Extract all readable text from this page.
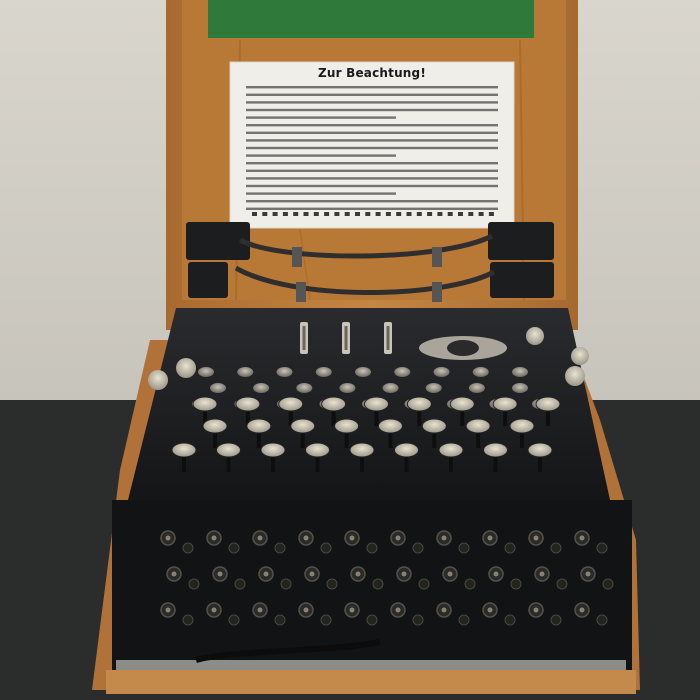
Zur Beachtung!
